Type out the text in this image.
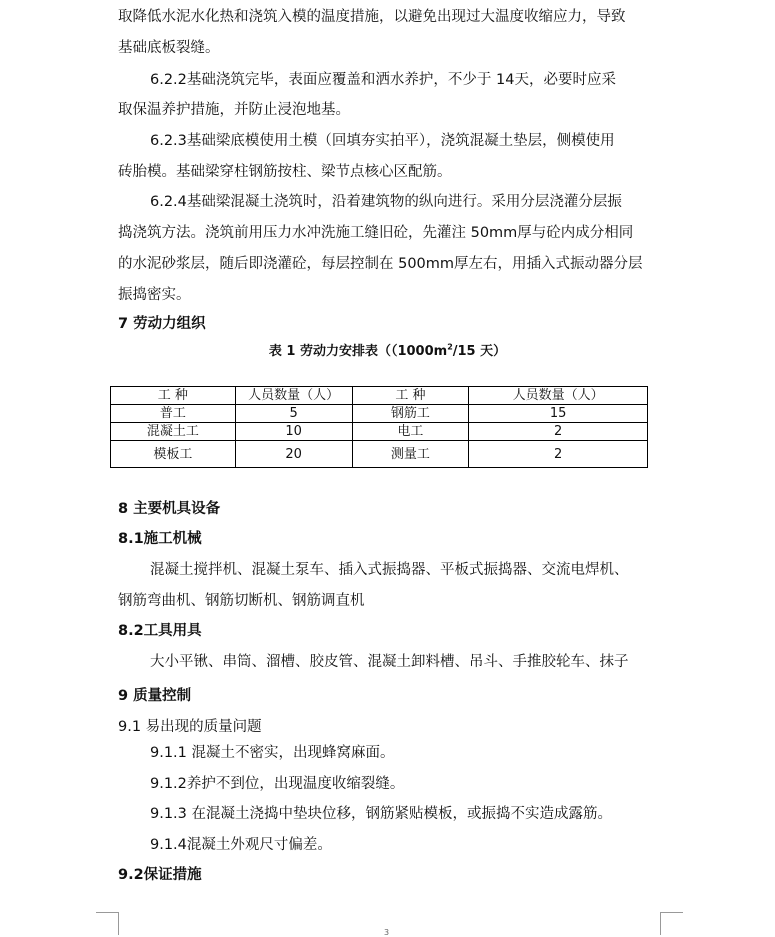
取降低水泥水化热和浇筑入模的温度措施，以避免出现过大温度收缩应力，导致
基础底板裂缝。
6.2.2基础浇筑完毕，表面应覆盖和洒水养护，不少于 14天，必要时应采
取保温养护措施，并防止浸泡地基。
6.2.3基础梁底模使用土模（回填夯实拍平），浇筑混凝土垫层，侧模使用
砖胎模。基础梁穿柱钢筋按柱、梁节点核心区配筋。
6.2.4基础梁混凝土浇筑时，沿着建筑物的纵向进行。采用分层浇灌分层振
捣浇筑方法。浇筑前用压力水冲洗施工缝旧砼，先灌注 50mm厚与砼内成分相同
的水泥砂浆层，随后即浇灌砼，每层控制在 500mm厚左右，用插入式振动器分层
振捣密实。
7 劳动力组织
表 1 劳动力安排表（（$1000m^2/15$ 天）
工 种	人员数量（人）	工 种	人员数量（人）
普工	5	钢筋工	15
混凝土工	10	电工	2
模板工	20	测量工	2
8 主要机具设备
8.1施工机械
混凝土搅拌机、混凝土泵车、插入式振捣器、平板式振捣器、交流电焊机、
钢筋弯曲机、钢筋切断机、钢筋调直机
8.2工具用具
大小平锹、串筒、溜槽、胶皮管、混凝土卸料槽、吊斗、手推胶轮车、抹子
9 质量控制
9.1 易出现的质量问题
9.1.1 混凝土不密实，出现蜂窝麻面。
9.1.2养护不到位，出现温度收缩裂缝。
9.1.3 在混凝土浇捣中垫块位移，钢筋紧贴模板，或振捣不实造成露筋。
9.1.4混凝土外观尺寸偏差。
9.2保证措施
3
